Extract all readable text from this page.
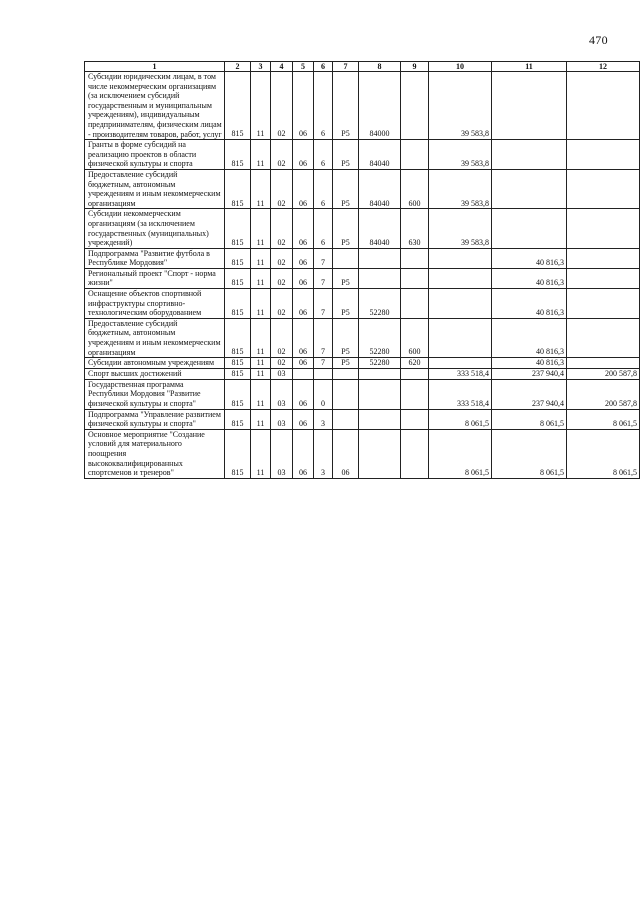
470
1	2	3	4	5	6	7	8	9	10	11	12
Субсидии юридическим лицам, в том числе некоммерческим организациям (за исключением субсидий государственным и муниципальным учреждениям), индивидуальным предпринимателям, физическим лицам - производителям товаров, работ, услуг	815	11	02	06	6	P5	84000		39 583,8		
Гранты в форме субсидий на реализацию проектов в области физической культуры и спорта	815	11	02	06	6	P5	84040		39 583,8		
Предоставление субсидий бюджетным, автономным учреждениям и иным некоммерческим организациям	815	11	02	06	6	P5	84040	600	39 583,8		
Субсидии некоммерческим организациям (за исключением государственных (муниципальных) учреждений)	815	11	02	06	6	P5	84040	630	39 583,8		
Подпрограмма "Развитие футбола в Республике Мордовия"	815	11	02	06	7					40 816,3	
Региональный проект "Спорт - норма жизни"	815	11	02	06	7	P5				40 816,3	
Оснащение объектов спортивной инфраструктуры спортивно-технологическим оборудованием	815	11	02	06	7	P5	52280			40 816,3	
Предоставление субсидий бюджетным, автономным учреждениям и иным некоммерческим организациям	815	11	02	06	7	P5	52280	600		40 816,3	
Субсидии автономным учреждениям	815	11	02	06	7	P5	52280	620		40 816,3	
Спорт высших достижений	815	11	03						333 518,4	237 940,4	200 587,8
Государственная программа Республики Мордовия "Развитие физической культуры и спорта"	815	11	03	06	0				333 518,4	237 940,4	200 587,8
Подпрограмма "Управление развитием физической культуры и спорта"	815	11	03	06	3				8 061,5	8 061,5	8 061,5
Основное мероприятие "Создание условий для материального поощрения высококвалифицированных спортсменов и тренеров"	815	11	03	06	3	06			8 061,5	8 061,5	8 061,5
